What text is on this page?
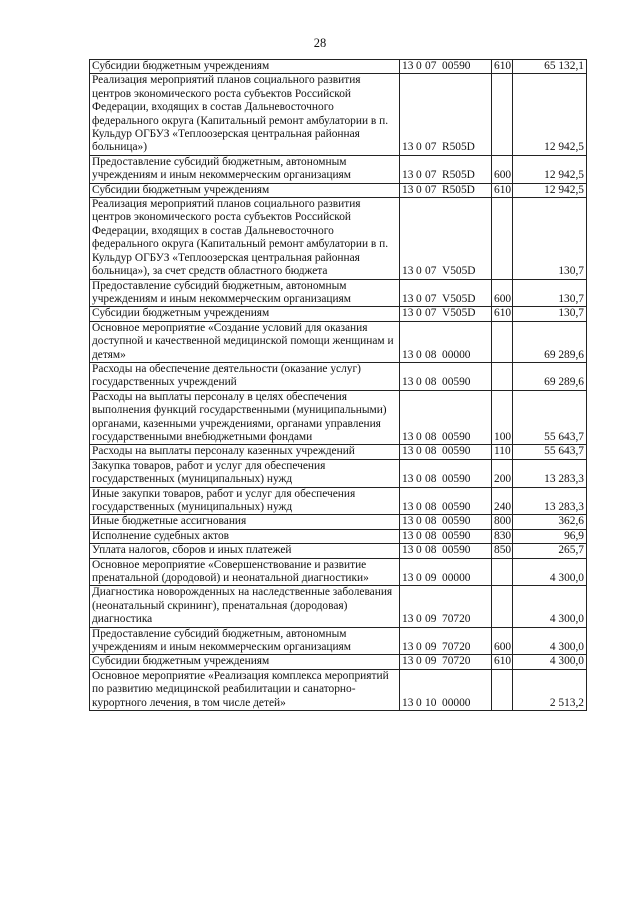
28
Субсидии бюджетным учреждениям	13 0 07 00590	610	65 132,1
Реализация мероприятий планов социального развития центров экономического роста субъектов Российской Федерации, входящих в состав Дальневосточного федерального округа (Капитальный ремонт амбулатории в п. Кульдур ОГБУЗ «Теплоозерская центральная районная больница»)	13 0 07 R505D		12 942,5
Предоставление субсидий бюджетным, автономным учреждениям и иным некоммерческим организациям	13 0 07 R505D	600	12 942,5
Субсидии бюджетным учреждениям	13 0 07 R505D	610	12 942,5
Реализация мероприятий планов социального развития центров экономического роста субъектов Российской Федерации, входящих в состав Дальневосточного федерального округа (Капитальный ремонт амбулатории в п. Кульдур ОГБУЗ «Теплоозерская центральная районная больница»), за счет средств областного бюджета	13 0 07 V505D		130,7
Предоставление субсидий бюджетным, автономным учреждениям и иным некоммерческим организациям	13 0 07 V505D	600	130,7
Субсидии бюджетным учреждениям	13 0 07 V505D	610	130,7
Основное мероприятие «Создание условий для оказания доступной и качественной медицинской помощи женщинам и детям»	13 0 08 00000		69 289,6
Расходы на обеспечение деятельности (оказание услуг) государственных учреждений	13 0 08 00590		69 289,6
Расходы на выплаты персоналу в целях обеспечения выполнения функций государственными (муниципальными) органами, казенными учреждениями, органами управления государственными внебюджетными фондами	13 0 08 00590	100	55 643,7
Расходы на выплаты персоналу казенных учреждений	13 0 08 00590	110	55 643,7
Закупка товаров, работ и услуг для обеспечения государственных (муниципальных) нужд	13 0 08 00590	200	13 283,3
Иные закупки товаров, работ и услуг для обеспечения государственных (муниципальных) нужд	13 0 08 00590	240	13 283,3
Иные бюджетные ассигнования	13 0 08 00590	800	362,6
Исполнение судебных актов	13 0 08 00590	830	96,9
Уплата налогов, сборов и иных платежей	13 0 08 00590	850	265,7
Основное мероприятие «Совершенствование и развитие пренатальной (дородовой) и неонатальной диагностики»	13 0 09 00000		4 300,0
Диагностика новорожденных на наследственные заболевания (неонатальный скрининг), пренатальная (дородовая) диагностика	13 0 09 70720		4 300,0
Предоставление субсидий бюджетным, автономным учреждениям и иным некоммерческим организациям	13 0 09 70720	600	4 300,0
Субсидии бюджетным учреждениям	13 0 09 70720	610	4 300,0
Основное мероприятие «Реализация комплекса мероприятий по развитию медицинской реабилитации и санаторно-курортного лечения, в том числе детей»	13 0 10 00000		2 513,2
